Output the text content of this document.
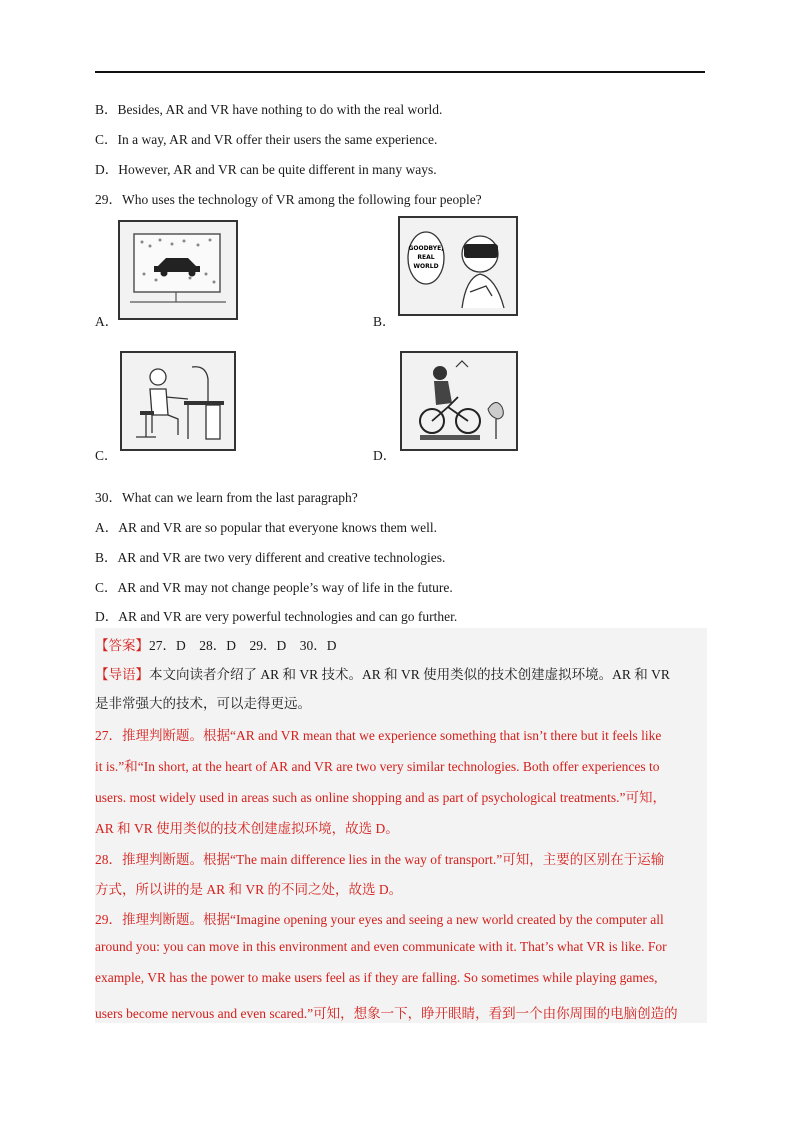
B．Besides, AR and VR have nothing to do with the real world.
C．In a way, AR and VR offer their users the same experience.
D．However, AR and VR can be quite different in many ways.
29．Who uses the technology of VR among the following four people?
A．
GOODBYE,
REAL
WORLD
B．
C．	D．
30．What can we learn from the last paragraph?
A．AR and VR are so popular that everyone knows them well.
B．AR and VR are two very different and creative technologies.
C．AR and VR may not change people’s way of life in the future.
D．AR and VR are very powerful technologies and can go further.
【答案】27．D　28．D　29．D　30．D
【导语】本文向读者介绍了 AR 和 VR 技术。AR 和 VR 使用类似的技术创建虚拟环境。AR 和 VR
是非常强大的技术，可以走得更远。
27．推理判断题。根据“AR and VR mean that we experience something that isn’t there but it feels like
it is.”和“In short, at the heart of AR and VR are two very similar technologies. Both offer experiences to
users. most widely used in areas such as online shopping and as part of psychological treatments.”可知，
AR 和 VR 使用类似的技术创建虚拟环境，故选 D。
28．推理判断题。根据“The main difference lies in the way of transport.”可知，主要的区别在于运输
方式，所以讲的是 AR 和 VR 的不同之处，故选 D。
29．推理判断题。根据“Imagine opening your eyes and seeing a new world created by the computer all
around you: you can move in this environment and even communicate with it. That’s what VR is like. For
example, VR has the power to make users feel as if they are falling. So sometimes while playing games,
users become nervous and even scared.”可知，想象一下，睁开眼睛，看到一个由你周围的电脑创造的
